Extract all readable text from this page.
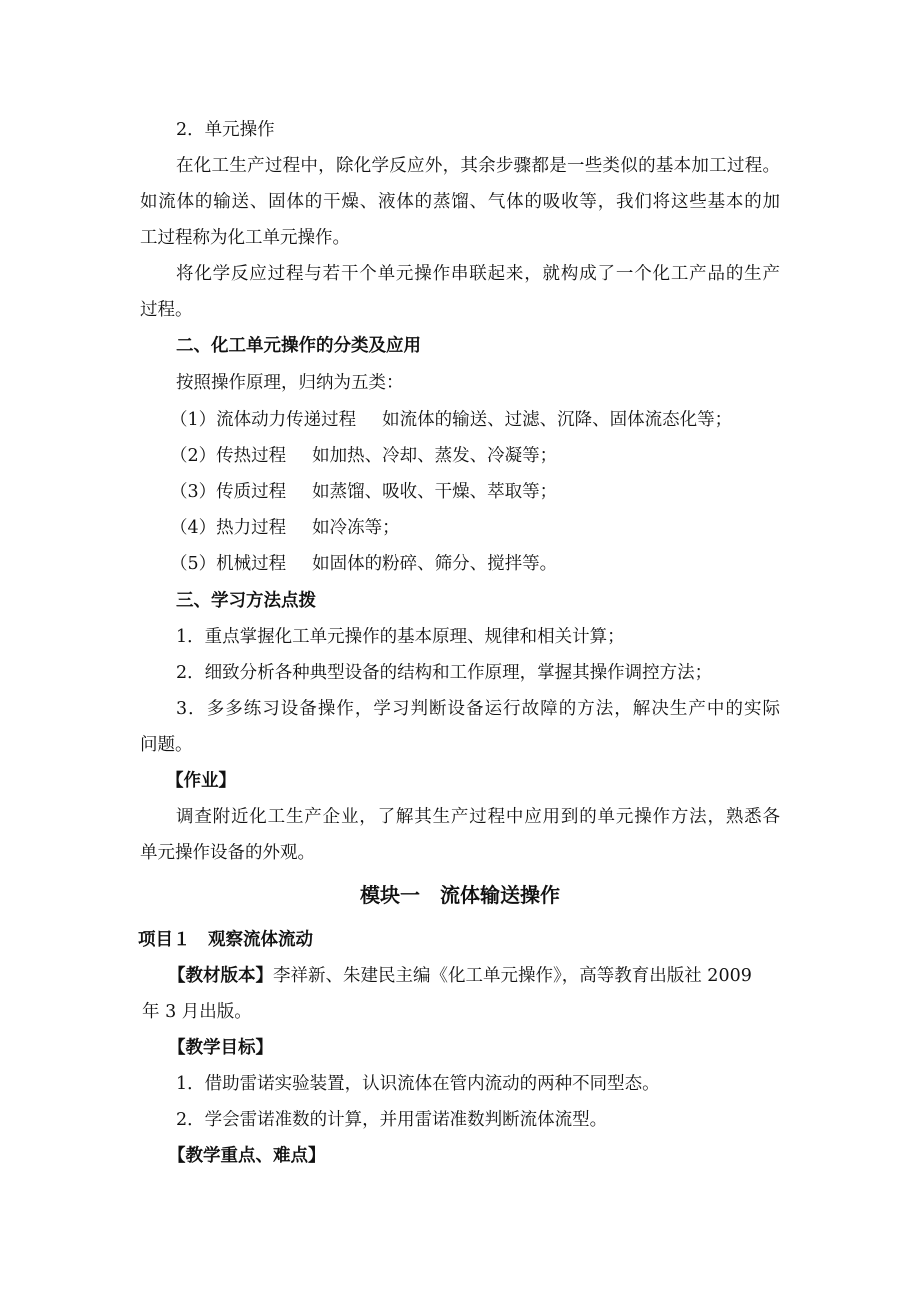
2．单元操作

在化工生产过程中，除化学反应外，其余步骤都是一些类似的基本加工过程。

如流体的输送、固体的干燥、液体的蒸馏、气体的吸收等，我们将这些基本的加

工过程称为化工单元操作。

将化学反应过程与若干个单元操作串联起来，就构成了一个化工产品的生产

过程。

二、化工单元操作的分类及应用

按照操作原理，归纳为五类：

（1）流体动力传递过程 如流体的输送、过滤、沉降、固体流态化等；

（2）传热过程 如加热、冷却、蒸发、冷凝等；

（3）传质过程 如蒸馏、吸收、干燥、萃取等；

（4）热力过程 如冷冻等；

（5）机械过程 如固体的粉碎、筛分、搅拌等。

三、学习方法点拨

1．重点掌握化工单元操作的基本原理、规律和相关计算；

2．细致分析各种典型设备的结构和工作原理，掌握其操作调控方法；

3．多多练习设备操作，学习判断设备运行故障的方法，解决生产中的实际

问题。

【作业】

调查附近化工生产企业，了解其生产过程中应用到的单元操作方法，熟悉各

单元操作设备的外观。

模块一　流体输送操作

项目１　观察流体流动

【教材版本】李祥新、朱建民主编《化工单元操作》，高等教育出版社 2009

年 3 月出版。

【教学目标】

1．借助雷诺实验装置，认识流体在管内流动的两种不同型态。

2．学会雷诺准数的计算，并用雷诺准数判断流体流型。

【教学重点、难点】
